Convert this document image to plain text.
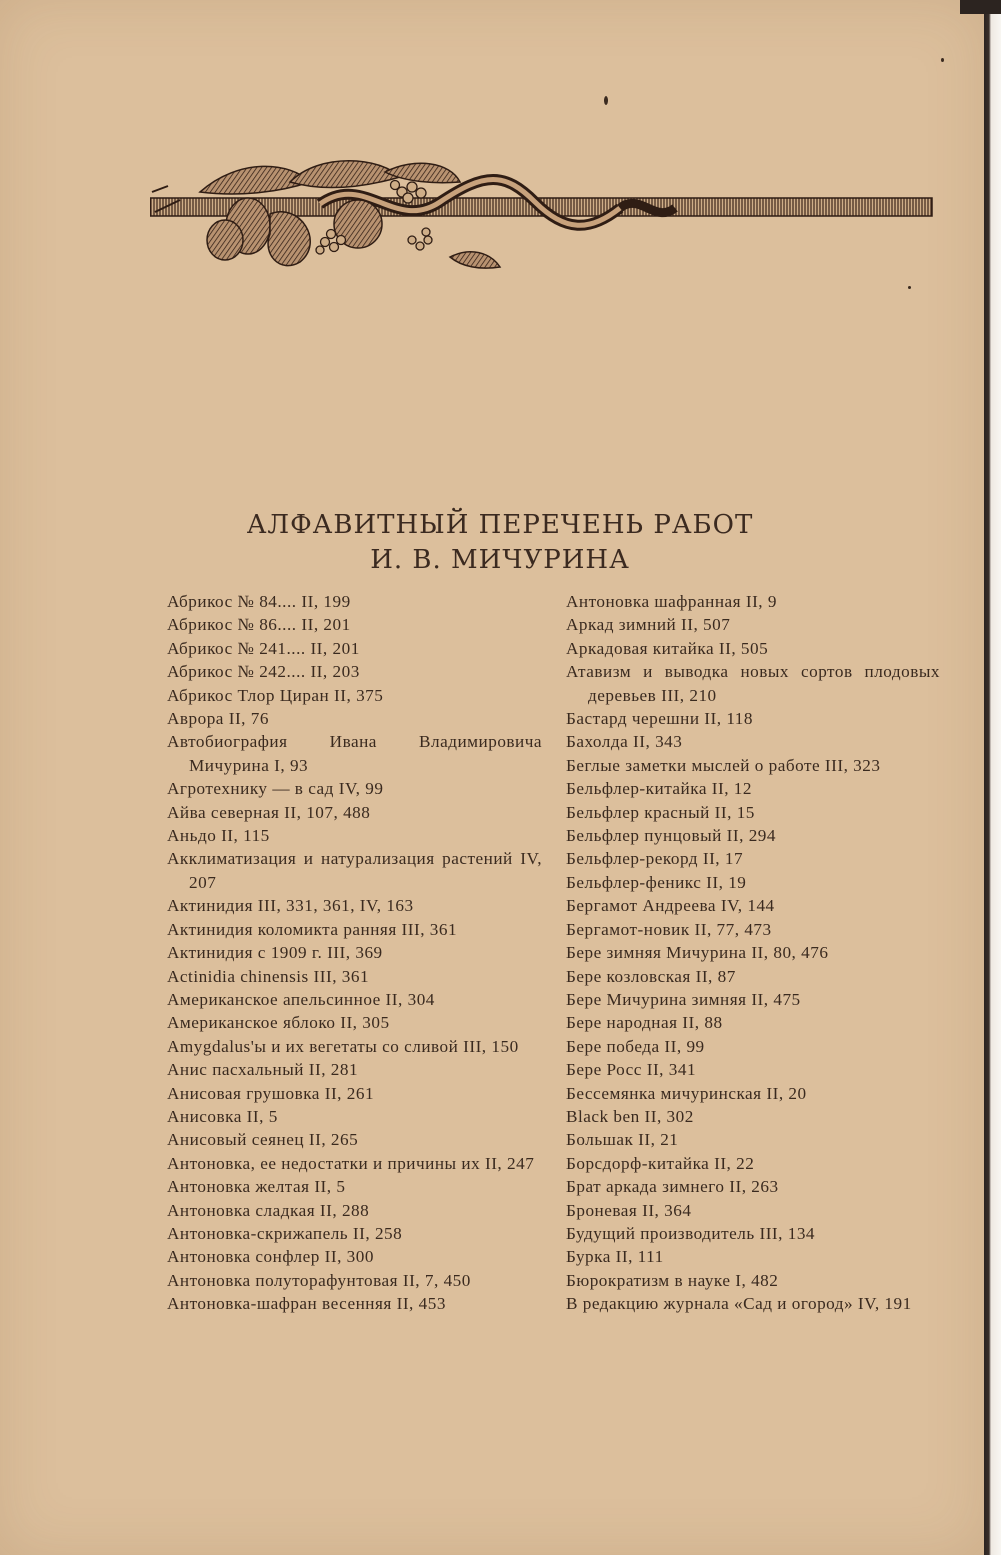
АЛФАВИТНЫЙ ПЕРЕЧЕНЬ РАБОТ
И. В. МИЧУРИНА
Абрикос № 84.... II, 199
Абрикос № 86.... II, 201
Абрикос № 241.... II, 201
Абрикос № 242.... II, 203
Абрикос Тлор Циран II, 375
Аврора II, 76
Автобиография Ивана Владимировича Мичурина I, 93
Агротехнику — в сад IV, 99
Айва северная II, 107, 488
Аньдо II, 115
Акклиматизация и натурализация растений IV, 207
Актинидия III, 331, 361, IV, 163
Актинидия коломикта ранняя III, 361
Актинидия с 1909 г. III, 369
Actinidia chinensis III, 361
Американское апельсинное II, 304
Американское яблоко II, 305
Amygdalus'ы и их вегетаты со сливой III, 150
Анис пасхальный II, 281
Анисовая грушовка II, 261
Анисовка II, 5
Анисовый сеянец II, 265
Антоновка, ее недостатки и причины их II, 247
Антоновка желтая II, 5
Антоновка сладкая II, 288
Антоновка-скрижапель II, 258
Антоновка сонфлер II, 300
Антоновка полуторафунтовая II, 7, 450
Антоновка-шафран весенняя II, 453
Антоновка шафранная II, 9
Аркад зимний II, 507
Аркадовая китайка II, 505
Атавизм и выводка новых сортов плодовых деревьев III, 210
Бастард черешни II, 118
Бахолда II, 343
Беглые заметки мыслей о работе III, 323
Бельфлер-китайка II, 12
Бельфлер красный II, 15
Бельфлер пунцовый II, 294
Бельфлер-рекорд II, 17
Бельфлер-феникс II, 19
Бергамот Андреева IV, 144
Бергамот-новик II, 77, 473
Бере зимняя Мичурина II, 80, 476
Бере козловская II, 87
Бере Мичурина зимняя II, 475
Бере народная II, 88
Бере победа II, 99
Бере Росс II, 341
Бессемянка мичуринская II, 20
Black ben II, 302
Большак II, 21
Борсдорф-китайка II, 22
Брат аркада зимнего II, 263
Броневая II, 364
Будущий производитель III, 134
Бурка II, 111
Бюрократизм в науке I, 482
В редакцию журнала «Сад и огород» IV, 191
